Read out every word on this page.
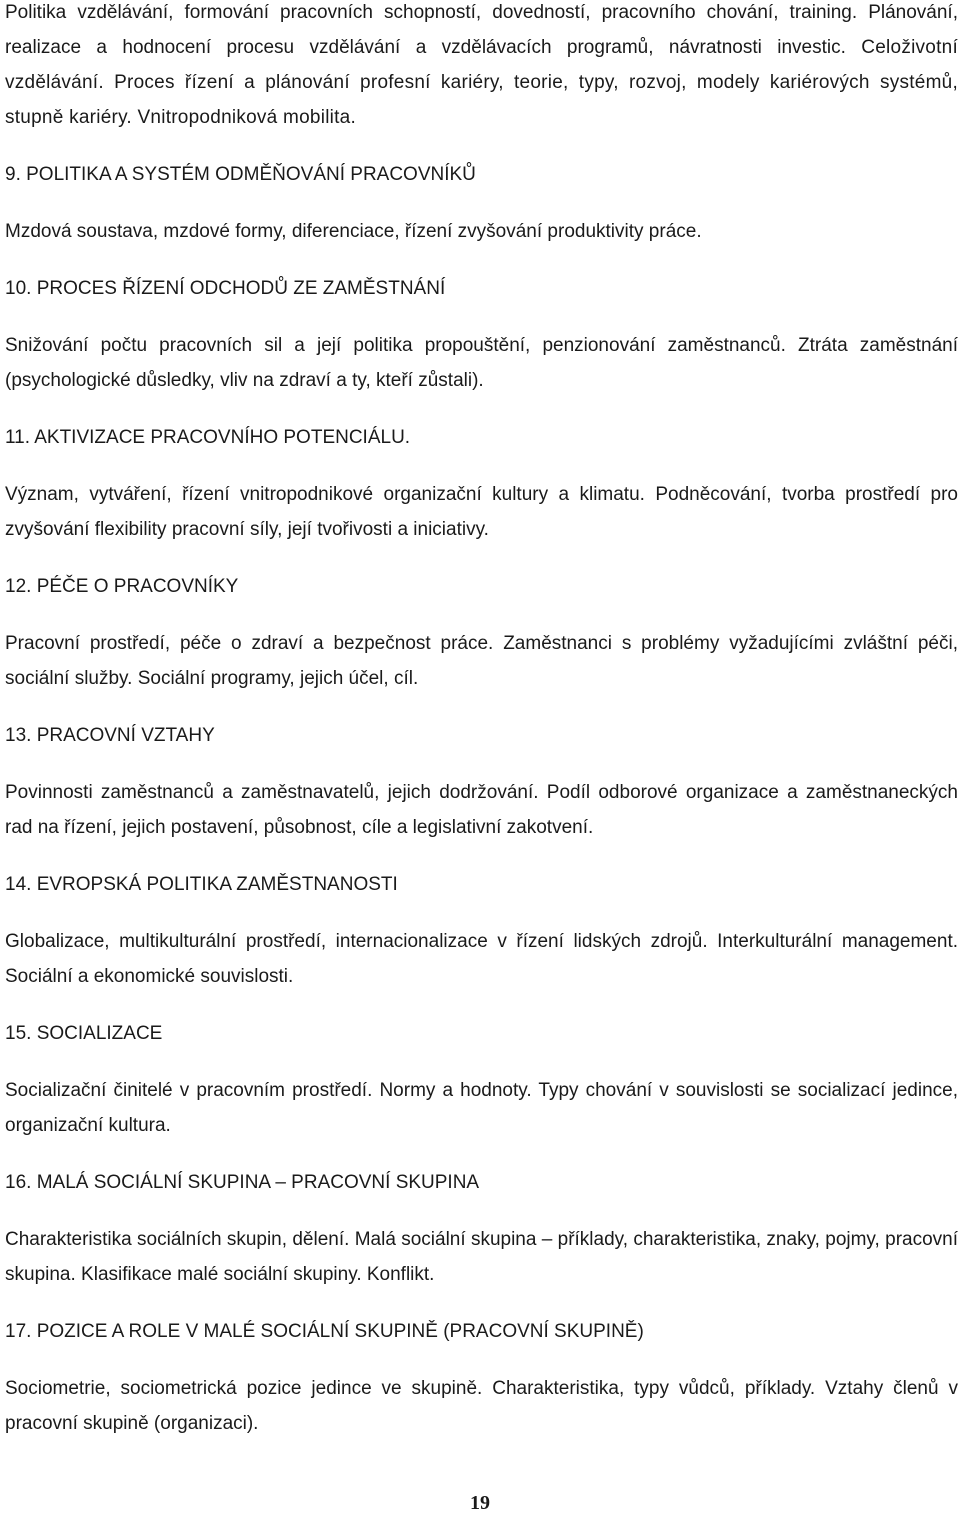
Politika vzdělávání, formování pracovních schopností, dovedností, pracovního chování, training. Plánování, realizace a hodnocení procesu vzdělávání a vzdělávacích programů, návratnosti investic. Celoživotní vzdělávání. Proces řízení a plánování profesní kariéry, teorie, typy, rozvoj, modely kariérových systémů, stupně kariéry. Vnitropodniková mobilita.

9. POLITIKA A SYSTÉM ODMĚŇOVÁNÍ PRACOVNÍKŮ

Mzdová soustava, mzdové formy, diferenciace, řízení zvyšování produktivity práce.

10. PROCES ŘÍZENÍ ODCHODŮ ZE ZAMĚSTNÁNÍ

Snižování počtu pracovních sil a její politika propouštění, penzionování zaměstnanců. Ztráta zaměstnání (psychologické důsledky, vliv na zdraví a ty, kteří zůstali).

11. AKTIVIZACE PRACOVNÍHO POTENCIÁLU.

Význam, vytváření, řízení vnitropodnikové organizační kultury a klimatu. Podněcování, tvorba prostředí pro zvyšování flexibility pracovní síly, její tvořivosti a iniciativy.

12. PÉČE O PRACOVNÍKY

Pracovní prostředí, péče o zdraví a bezpečnost práce. Zaměstnanci s problémy vyžadujícími zvláštní péči, sociální služby. Sociální programy, jejich účel, cíl.

13. PRACOVNÍ VZTAHY

Povinnosti zaměstnanců a zaměstnavatelů, jejich dodržování. Podíl odborové organizace a zaměstnaneckých rad na řízení, jejich postavení, působnost, cíle a legislativní zakotvení.

14. EVROPSKÁ POLITIKA ZAMĚSTNANOSTI

Globalizace, multikulturální prostředí, internacionalizace v řízení lidských zdrojů. Interkulturální management. Sociální a ekonomické souvislosti.

15. SOCIALIZACE

Socializační činitelé v pracovním prostředí. Normy a hodnoty. Typy chování v souvislosti se socializací jedince, organizační kultura.

16. MALÁ SOCIÁLNÍ SKUPINA – PRACOVNÍ SKUPINA

Charakteristika sociálních skupin, dělení. Malá sociální skupina – příklady, charakteristika, znaky, pojmy, pracovní skupina. Klasifikace malé sociální skupiny. Konflikt.

17. POZICE A ROLE V MALÉ SOCIÁLNÍ SKUPINĚ (PRACOVNÍ SKUPINĚ)

Sociometrie, sociometrická pozice jedince ve skupině. Charakteristika, typy vůdců, příklady. Vztahy členů v pracovní skupině (organizaci).

19
